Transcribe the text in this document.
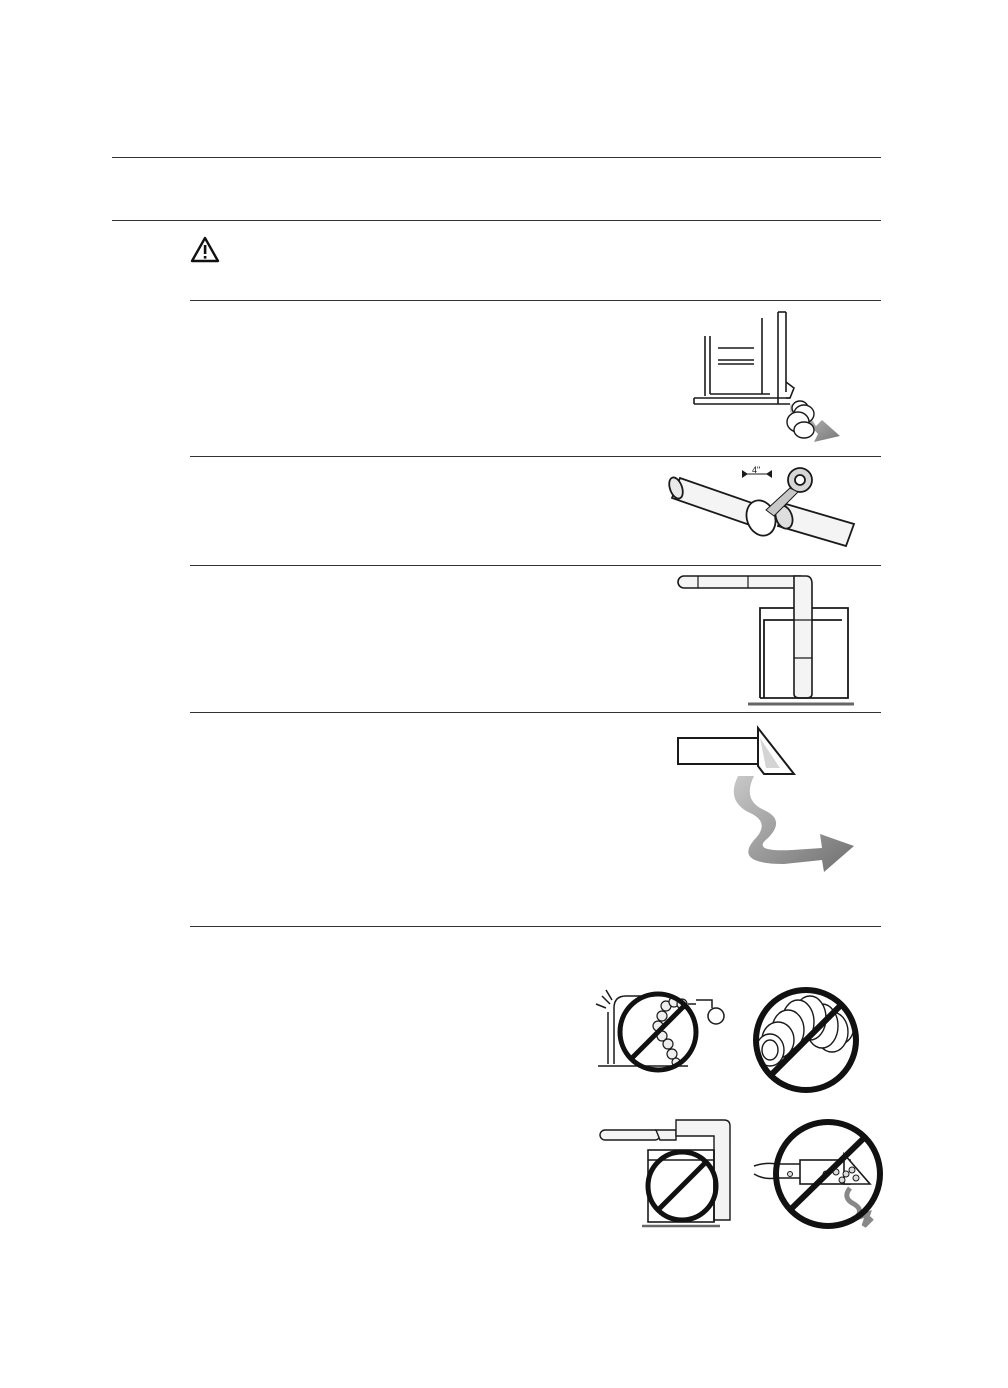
4"
